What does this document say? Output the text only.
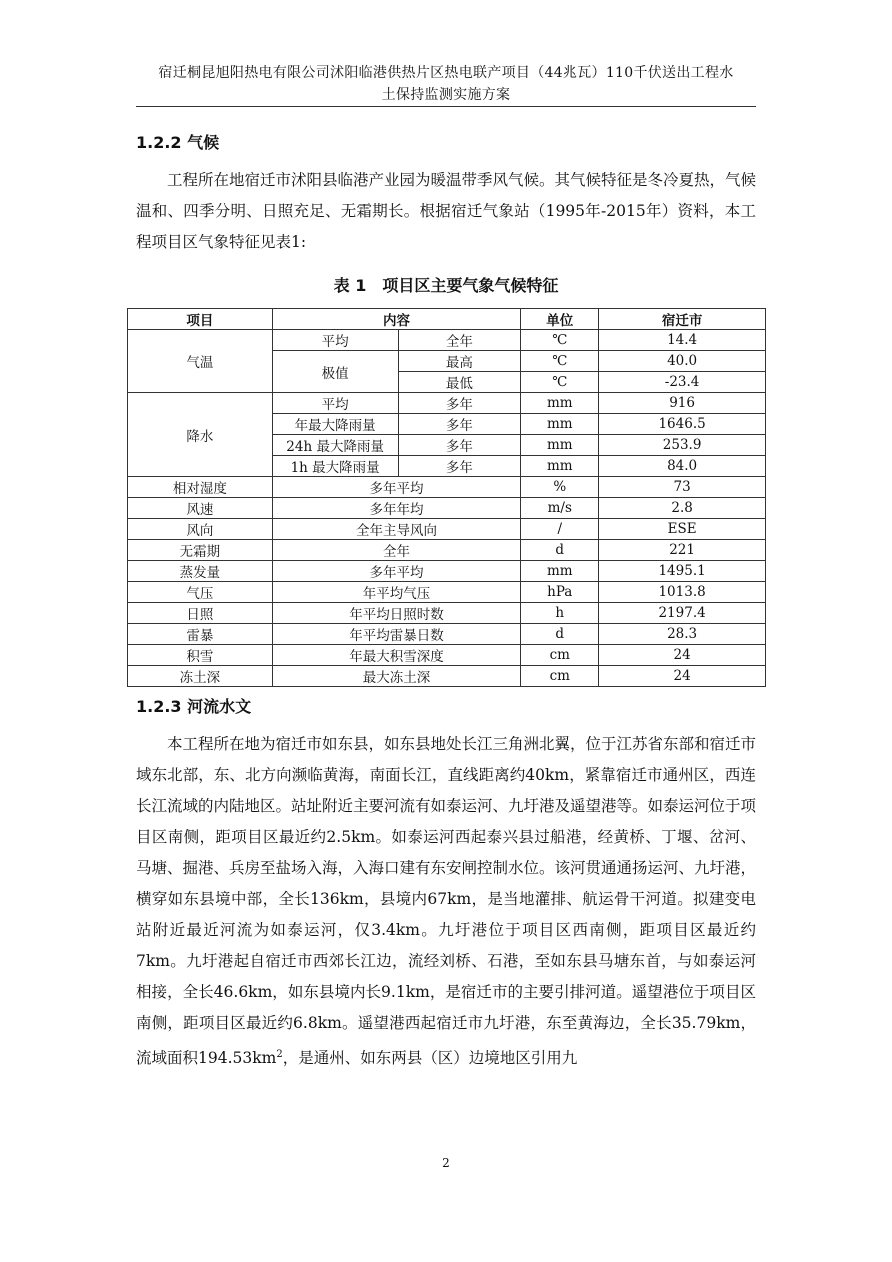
宿迁桐昆旭阳热电有限公司沭阳临港供热片区热电联产项目（44兆瓦）110千伏送出工程水
土保持监测实施方案
1.2.2 气候

工程所在地宿迁市沭阳县临港产业园为暖温带季风气候。其气候特征是冬冷夏热，气候温和、四季分明、日照充足、无霜期长。根据宿迁气象站（1995年-2015年）资料，本工程项目区气象特征见表1:

表 1　项目区主要气象气候特征
项目	内容		单位	宿迁市
气温	平均	全年	℃	14.4
	极值	最高	℃	40.0
		最低	℃	-23.4
降水	平均	多年	mm	916
	年最大降雨量	多年	mm	1646.5
	24h 最大降雨量	多年	mm	253.9
	1h 最大降雨量	多年	mm	84.0
相对湿度	多年平均		%	73
风速	多年年均		m/s	2.8
风向	全年主导风向		/	ESE
无霜期	全年		d	221
蒸发量	多年平均		mm	1495.1
气压	年平均气压		hPa	1013.8
日照	年平均日照时数		h	2197.4
雷暴	年平均雷暴日数		d	28.3
积雪	年最大积雪深度		cm	24
冻土深	最大冻土深		cm	24
1.2.3 河流水文

本工程所在地为宿迁市如东县，如东县地处长江三角洲北翼，位于江苏省东部和宿迁市域东北部，东、北方向濒临黄海，南面长江，直线距离约40km，紧靠宿迁市通州区，西连长江流域的内陆地区。站址附近主要河流有如泰运河、九圩港及遥望港等。如泰运河位于项目区南侧，距项目区最近约2.5km。如泰运河西起泰兴县过船港，经黄桥、丁堰、岔河、马塘、掘港、兵房至盐场入海，入海口建有东安闸控制水位。该河贯通通扬运河、九圩港，横穿如东县境中部，全长136km，县境内67km，是当地灌排、航运骨干河道。拟建变电站附近最近河流为如泰运河，仅3.4km。九圩港位于项目区西南侧，距项目区最近约7km。九圩港起自宿迁市西郊长江边，流经刘桥、石港，至如东县马塘东首，与如泰运河相接，全长46.6km，如东县境内长9.1km，是宿迁市的主要引排河道。遥望港位于项目区南侧，距项目区最近约6.8km。遥望港西起宿迁市九圩港，东至黄海边，全长35.79km，流域面积$194.53km^2$，是通州、如东两县（区）边境地区引用九

2
